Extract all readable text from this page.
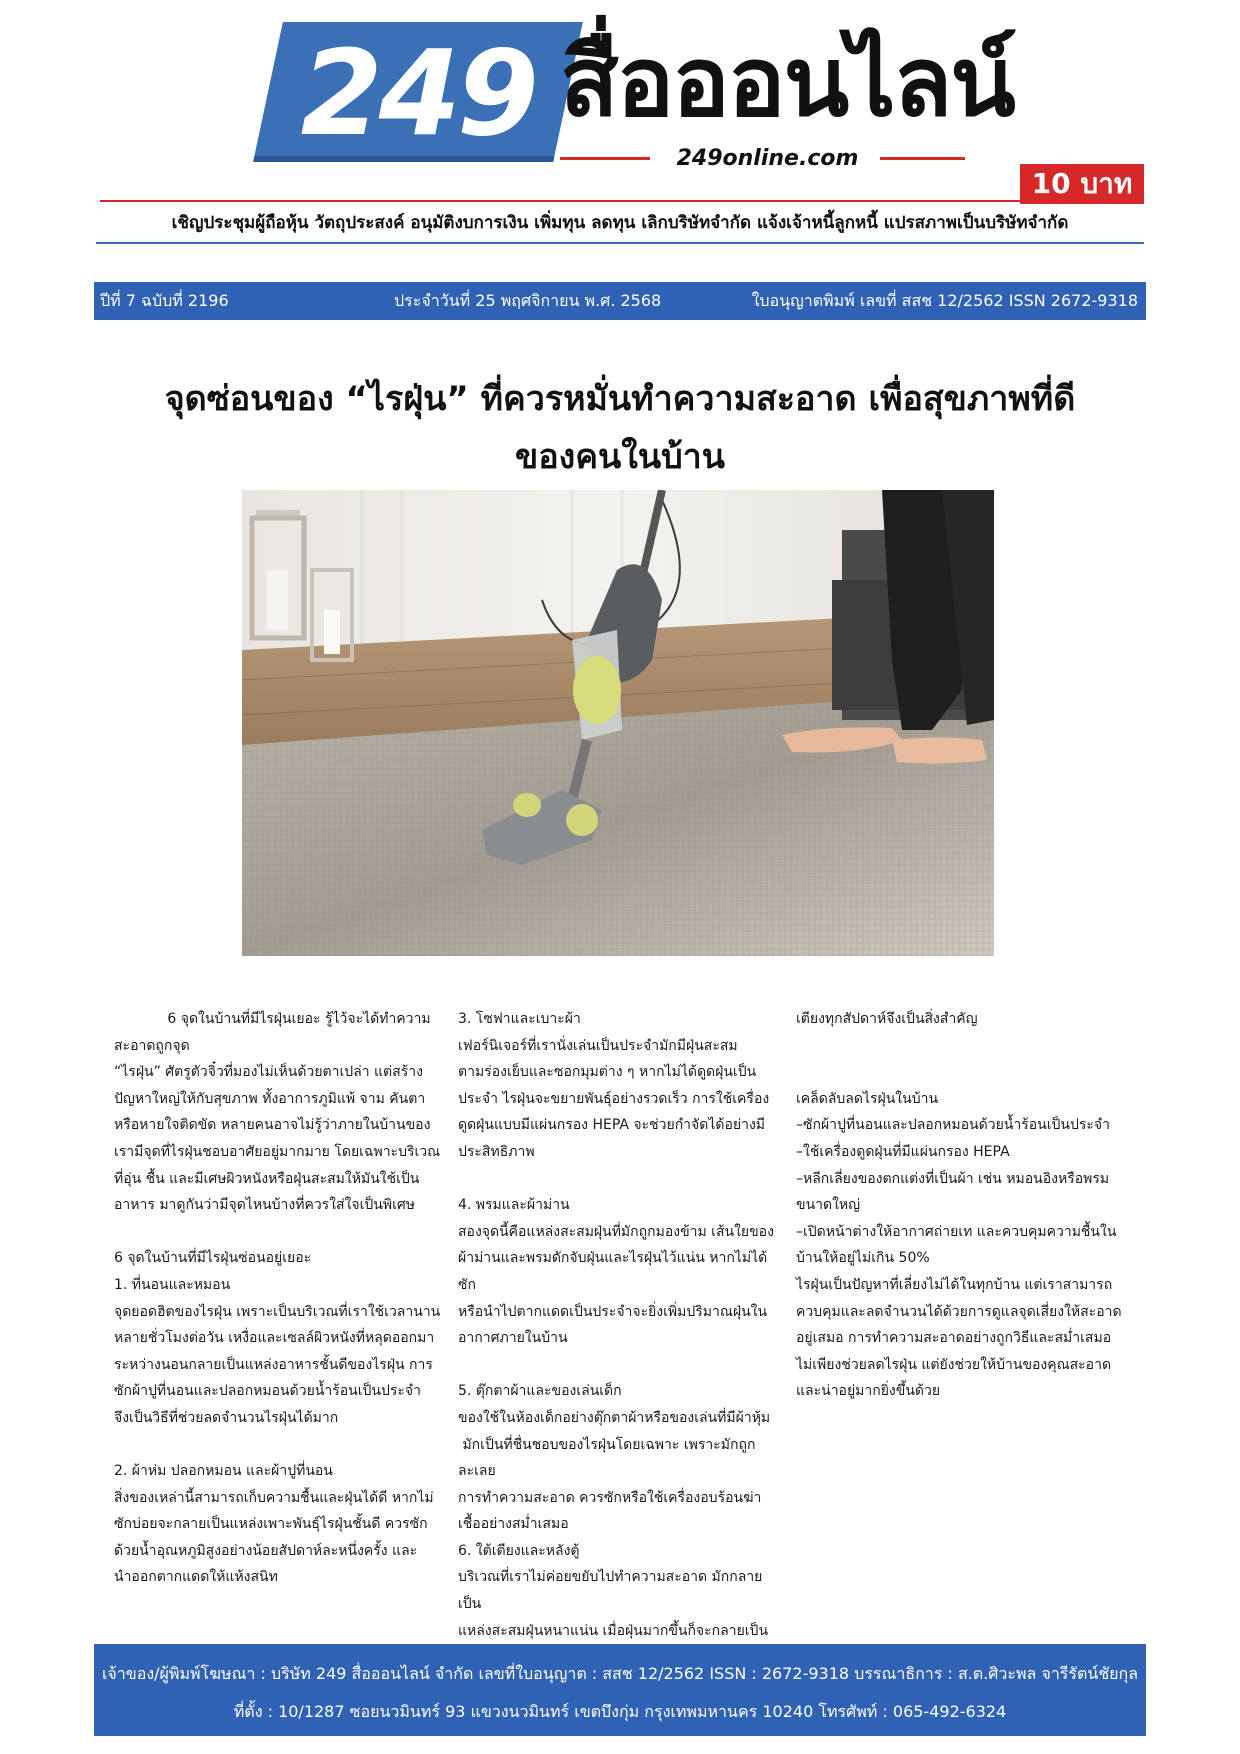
249 สื่อออนไลน์
249online.com
10 บาท
เชิญประชุมผู้ถือหุ้น วัตถุประสงค์ อนุมัติงบการเงิน เพิ่มทุน ลดทุน เลิกบริษัทจำกัด แจ้งเจ้าหนี้ลูกหนี้ แปรสภาพเป็นบริษัทจำกัด
ปีที่ 7 ฉบับที่ 2196	ประจำวันที่ 25 พฤศจิกายน พ.ศ. 2568	ใบอนุญาตพิมพ์ เลขที่ สสช 12/2562 ISSN 2672-9318
จุดซ่อนของ “ไรฝุ่น” ที่ควรหมั่นทำความสะอาด เพื่อสุขภาพที่ดี
ของคนในบ้าน

6 จุดในบ้านที่มีไรฝุ่นเยอะ รู้ไว้จะได้ทำความ

สะอาดถูกจุด

“ไรฝุ่น” ศัตรูตัวจิ๋วที่มองไม่เห็นด้วยตาเปล่า แต่สร้าง

ปัญหาใหญ่ให้กับสุขภาพ ทั้งอาการภูมิแพ้ จาม คันตา

หรือหายใจติดขัด หลายคนอาจไม่รู้ว่าภายในบ้านของ

เรามีจุดที่ไรฝุ่นชอบอาศัยอยู่มากมาย โดยเฉพาะบริเวณ

ที่อุ่น ชื้น และมีเศษผิวหนังหรือฝุ่นสะสมให้มันใช้เป็น

อาหาร มาดูกันว่ามีจุดไหนบ้างที่ควรใส่ใจเป็นพิเศษ

6 จุดในบ้านที่มีไรฝุ่นซ่อนอยู่เยอะ

1. ที่นอนและหมอน

จุดยอดฮิตของไรฝุ่น เพราะเป็นบริเวณที่เราใช้เวลานาน

หลายชั่วโมงต่อวัน เหงื่อและเซลล์ผิวหนังที่หลุดออกมา

ระหว่างนอนกลายเป็นแหล่งอาหารชั้นดีของไรฝุ่น การ

ซักผ้าปูที่นอนและปลอกหมอนด้วยน้ำร้อนเป็นประจำ

จึงเป็นวิธีที่ช่วยลดจำนวนไรฝุ่นได้มาก

2. ผ้าห่ม ปลอกหมอน และผ้าปูที่นอน

สิ่งของเหล่านี้สามารถเก็บความชื้นและฝุ่นได้ดี หากไม่

ซักบ่อยจะกลายเป็นแหล่งเพาะพันธุ์ไรฝุ่นชั้นดี ควรซัก

ด้วยน้ำอุณหภูมิสูงอย่างน้อยสัปดาห์ละหนึ่งครั้ง และ

นำออกตากแดดให้แห้งสนิท

3. โซฟาและเบาะผ้า

เฟอร์นิเจอร์ที่เรานั่งเล่นเป็นประจำมักมีฝุ่นสะสม

ตามร่องเย็บและซอกมุมต่าง ๆ หากไม่ได้ดูดฝุ่นเป็น

ประจำ ไรฝุ่นจะขยายพันธุ์อย่างรวดเร็ว การใช้เครื่อง

ดูดฝุ่นแบบมีแผ่นกรอง HEPA จะช่วยกำจัดได้อย่างมี

ประสิทธิภาพ

4. พรมและผ้าม่าน

สองจุดนี้คือแหล่งสะสมฝุ่นที่มักถูกมองข้าม เส้นใยของ

ผ้าม่านและพรมดักจับฝุ่นและไรฝุ่นไว้แน่น หากไม่ได้ซัก

หรือนำไปตากแดดเป็นประจำจะยิ่งเพิ่มปริมาณฝุ่นใน

อากาศภายในบ้าน

5. ตุ๊กตาผ้าและของเล่นเด็ก

ของใช้ในห้องเด็กอย่างตุ๊กตาผ้าหรือของเล่นที่มีผ้าหุ้ม

มักเป็นที่ชื่นชอบของไรฝุ่นโดยเฉพาะ เพราะมักถูกละเลย

การทำความสะอาด ควรซักหรือใช้เครื่องอบร้อนฆ่า

เชื้ออย่างสม่ำเสมอ

6. ใต้เตียงและหลังตู้

บริเวณที่เราไม่ค่อยขยับไปทำความสะอาด มักกลายเป็น

แหล่งสะสมฝุ่นหนาแน่น เมื่อฝุ่นมากขึ้นก็จะกลายเป็น

เตียงทุกสัปดาห์จึงเป็นสิ่งสำคัญ

เคล็ดลับลดไรฝุ่นในบ้าน

–ซักผ้าปูที่นอนและปลอกหมอนด้วยน้ำร้อนเป็นประจำ

–ใช้เครื่องดูดฝุ่นที่มีแผ่นกรอง HEPA

–หลีกเลี่ยงของตกแต่งที่เป็นผ้า เช่น หมอนอิงหรือพรม

ขนาดใหญ่

–เปิดหน้าต่างให้อากาศถ่ายเท และควบคุมความชื้นใน

บ้านให้อยู่ไม่เกิน 50%

ไรฝุ่นเป็นปัญหาที่เลี่ยงไม่ได้ในทุกบ้าน แต่เราสามารถ

ควบคุมและลดจำนวนได้ด้วยการดูแลจุดเสี่ยงให้สะอาด

อยู่เสมอ การทำความสะอาดอย่างถูกวิธีและสม่ำเสมอ

ไม่เพียงช่วยลดไรฝุ่น แต่ยังช่วยให้บ้านของคุณสะอาด

และน่าอยู่มากยิ่งขึ้นด้วย

เจ้าของ/ผู้พิมพ์โฆษณา : บริษัท 249 สื่อออนไลน์ จำกัด เลขที่ใบอนุญาต : สสช 12/2562 ISSN : 2672-9318 บรรณาธิการ : ส.ต.ศิวะพล จารีรัตน์ชัยกุล
ที่ตั้ง : 10/1287 ซอยนวมินทร์ 93 แขวงนวมินทร์ เขตบึงกุ่ม กรุงเทพมหานคร 10240 โทรศัพท์ : 065-492-6324
